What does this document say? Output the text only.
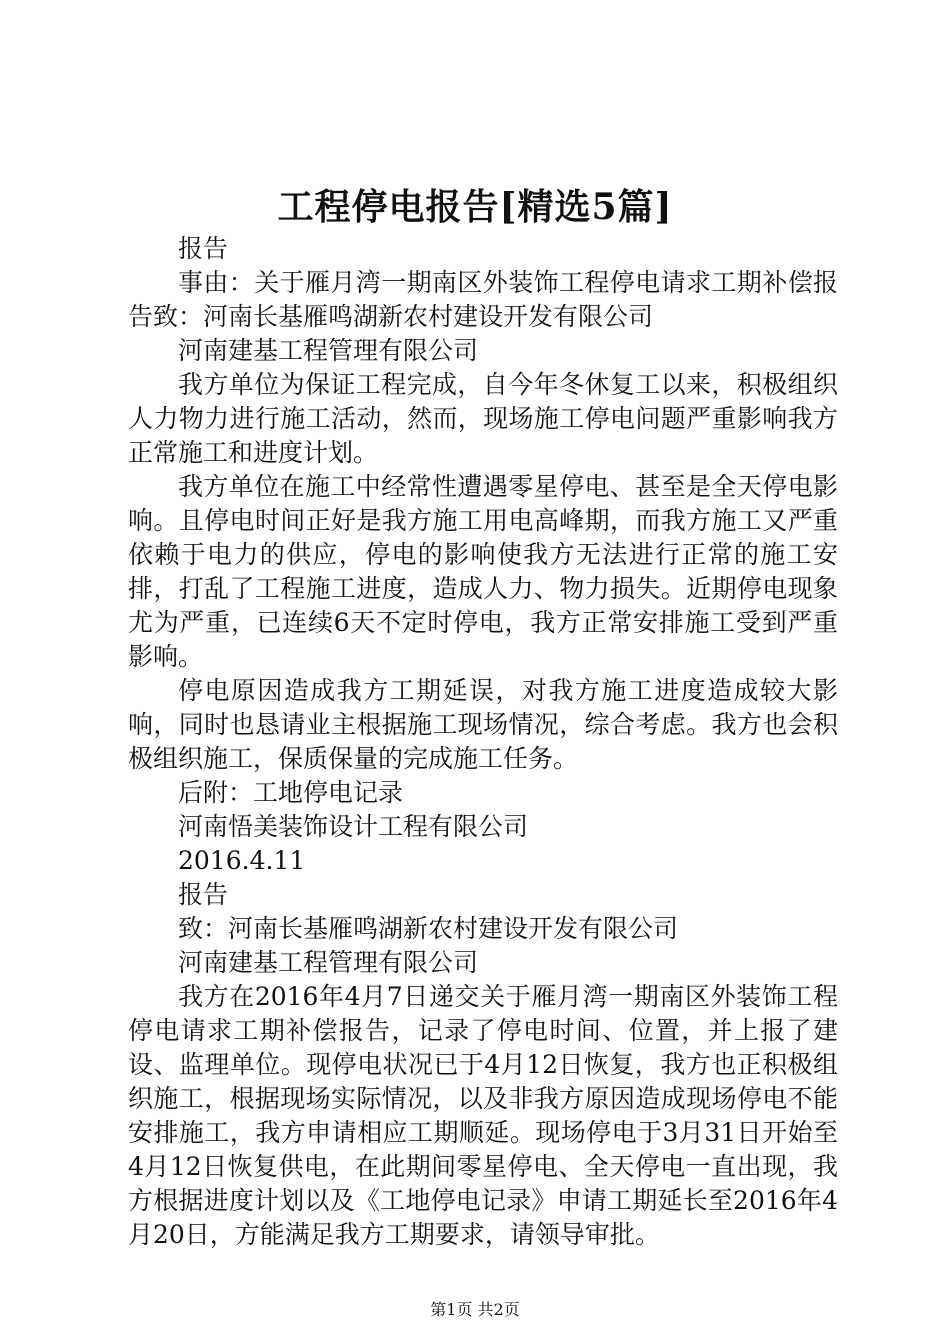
工程停电报告[精选5篇]

报告

事由：关于雁月湾一期南区外装饰工程停电请求工期补偿报告致：河南长基雁鸣湖新农村建设开发有限公司

河南建基工程管理有限公司

我方单位为保证工程完成，自今年冬休复工以来，积极组织人力物力进行施工活动，然而，现场施工停电问题严重影响我方正常施工和进度计划。

我方单位在施工中经常性遭遇零星停电、甚至是全天停电影响。且停电时间正好是我方施工用电高峰期，而我方施工又严重依赖于电力的供应，停电的影响使我方无法进行正常的施工安排，打乱了工程施工进度，造成人力、物力损失。近期停电现象尤为严重，已连续6天不定时停电，我方正常安排施工受到严重影响。

停电原因造成我方工期延误，对我方施工进度造成较大影响，同时也恳请业主根据施工现场情况，综合考虑。我方也会积极组织施工，保质保量的完成施工任务。

后附：工地停电记录

河南悟美装饰设计工程有限公司

2016.4.11

报告

致：河南长基雁鸣湖新农村建设开发有限公司

河南建基工程管理有限公司

我方在2016年4月7日递交关于雁月湾一期南区外装饰工程停电请求工期补偿报告，记录了停电时间、位置，并上报了建设、监理单位。现停电状况已于4月12日恢复，我方也正积极组织施工，根据现场实际情况，以及非我方原因造成现场停电不能安排施工，我方申请相应工期顺延。现场停电于3月31日开始至4月12日恢复供电，在此期间零星停电、全天停电一直出现，我方根据进度计划以及《工地停电记录》申请工期延长至2016年4月20日，方能满足我方工期要求，请领导审批。

第1页 共2页
